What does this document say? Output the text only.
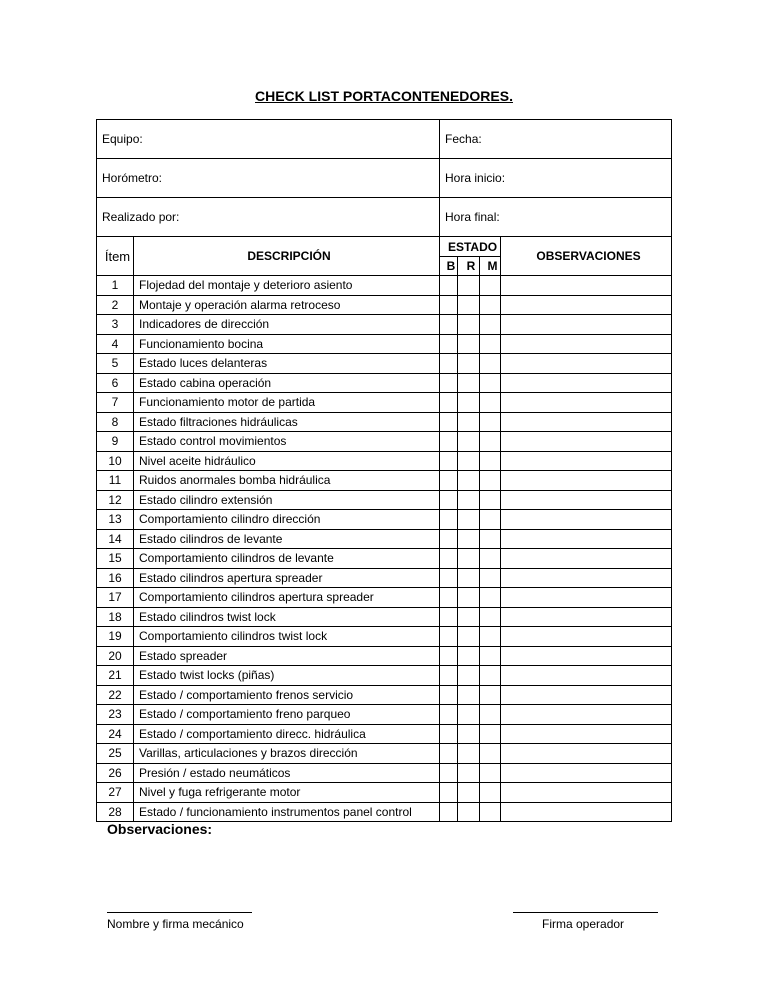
CHECK LIST PORTACONTENEDORES.
Equipo:		Fecha:			
Horómetro:		Hora inicio:			
Realizado por:		Hora final:			
Ítem	DESCRIPCIÓN	ESTADO			OBSERVACIONES
		B	R	M	
1	Flojedad del montaje y deterioro asiento				
2	Montaje y operación alarma retroceso				
3	Indicadores de dirección				
4	Funcionamiento bocina				
5	Estado luces delanteras				
6	Estado cabina operación				
7	Funcionamiento motor de partida				
8	Estado filtraciones hidráulicas				
9	Estado control movimientos				
10	Nivel aceite hidráulico				
11	Ruidos anormales bomba hidráulica				
12	Estado cilindro extensión				
13	Comportamiento cilindro dirección				
14	Estado cilindros de levante				
15	Comportamiento cilindros de levante				
16	Estado cilindros apertura spreader				
17	Comportamiento cilindros apertura spreader				
18	Estado cilindros twist lock				
19	Comportamiento cilindros twist lock				
20	Estado spreader				
21	Estado twist locks (piñas)				
22	Estado / comportamiento frenos servicio				
23	Estado / comportamiento freno parqueo				
24	Estado / comportamiento direcc. hidráulica				
25	Varillas, articulaciones y brazos dirección				
26	Presión / estado neumáticos				
27	Nivel y fuga refrigerante motor				
28	Estado / funcionamiento instrumentos panel control				
Observaciones:
Nombre y firma mecánico	Firma operador
